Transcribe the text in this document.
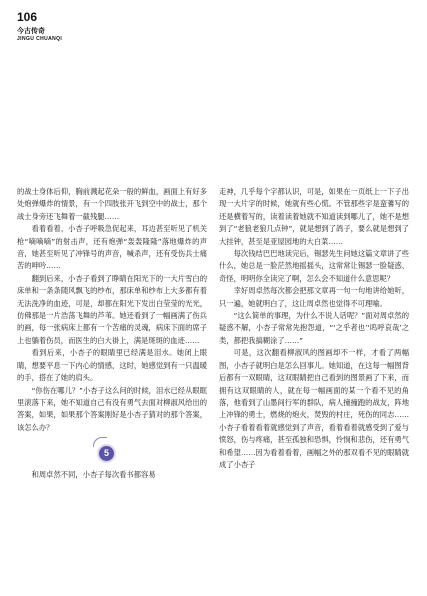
106
今古传奇
JINGU CHUANQI

的战士身体后仰，胸前溅起花朵一般的鲜血，画面上有好多处炮弹爆炸的情景，有一个四肢张开飞到空中的战士，那个战士身旁还飞舞着一截残腿……

看着看着，小杏子呼吸急促起来，耳边甚至听见了机关枪“嘀嘀嘀”的射击声，还有炮弹“轰轰隆隆”落地爆炸的声音，她甚至听见了冲锋号的声音，喊杀声，还有受伤兵士痛苦的呻吟……

翻到后来，小杏子看到了睁睛在阳光下的一大片雪白的床单和一条条随风飘飞的纱布，那床单和纱布上大多都有着无法洗净的血迹，可是，却都在阳光下发出白莹莹的光光，仿佛那是一片浩荡飞舞的芦苇。她还看到了一幅画满了伤兵的画，每一张病床上都有一个苦痛的灵魂，病床下面的席子上也躺着伤员，而医生的白大褂上，满是斑斑的血迹……

看到后来，小杏子的眼睛里已经满是泪水。她闭上眼睛，想要平息一下内心的情感，这时，她感觉到有一只温暖的手，搭在了她的肩头。

“你伤在哪儿？”小杏子这么问的时候，泪水已经从眼眶里滚落下来，她不知道自己有没有勇气去面对柳淑风给出的答案，如果，如果那个答案刚好是小杏子猜对的那个答案，该怎么办？

5

和周卓然不同，小杏子每次看书都容易

走神，几乎每个字都认识，可是，如果在一页纸上一下子出现一大片字的时候，她就有些心慌。不管那些字是蛮蓍写的还是横着写的，读着读着她就不知道读到哪儿了，她不是想到了“老狼老狼几点钟”，就是想到了鸽子，要么就是想到了大挂钟，甚至是亚屋园地的大白菜……

每次钱结巴巴地读完后，锡瑟先生问她这篇文章讲了些什么，她总是一脸茫然地摇摇头，这常常让锡瑟一脸疑惑、奇怪，明明你全读完了啊，怎么会不知道什么意思呢？

幸好周卓然每次都会把那文章再一句一句地讲给她听，只一遍，她就明白了，这让周卓然也觉得不可理喻。

“这么简单的事理，为什么不说人话呢？”面对周卓然的疑惑不解，小杏子常常先抱怨道，“‘之乎者也’‘呜呼哀哉’之类，都把我搞糊涂了……”

可是，这次翻看柳淑风的图画却不一样，才看了两幅图，小杏子就明白是怎么回事儿。她知道，在这每一幅图背后都有一双眼睛，这双眼睛把自己看到的图景画了下来，而拥有这双眼睛的人，就在每一幅画面的某一个看不见的角落，他看到了山墨间行军的群队，病人撞撞跑的战友，阵地上冲锋的勇士，燃烧的炮火，焚毁的村庄，死伤的同志……小杏子看着看着就感觉到了声音，看着看着就感受到了爱与愤怒，伤与疼痛，甚至孤独和恐惧，怜悯和悲伤，还有勇气和希望……因为看着看着，画幅之外的那双看不见的眼睛就成了小杏子
